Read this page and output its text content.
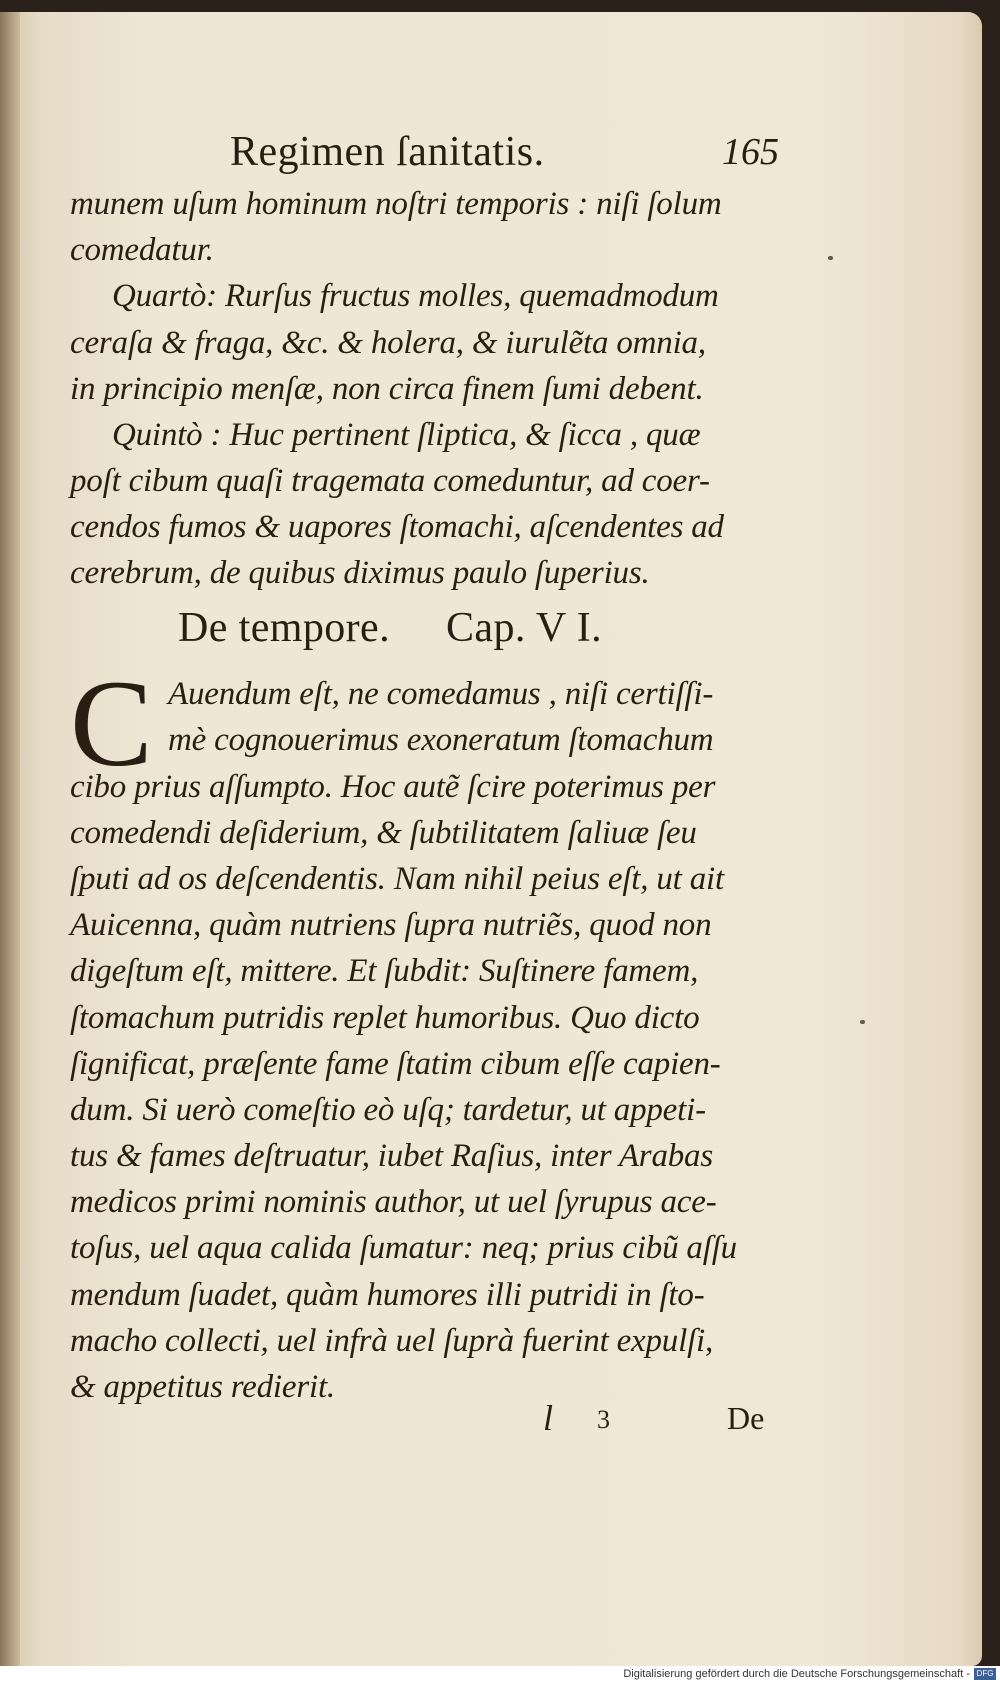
Regimen ſanitatis.	165
munem uſum hominum noſtri temporis : niſi ſolum
comedatur.
Quartò: Rurſus fructus molles, quemadmodum
ceraſa & fraga, &c. & holera, & iurulẽta omnia,
in principio menſæ, non circa finem ſumi debent.
Quintò : Huc pertinent ſliptica, & ſicca , quæ
poſt cibum quaſi tragemata comeduntur, ad coer-
cendos fumos & uapores ſtomachi, aſcendentes ad
cerebrum, de quibus diximus paulo ſuperius.
De tempore. Cap. V I.
C Auendum eſt, ne comedamus , niſi certiſſi-
mè cognouerimus exoneratum ſtomachum
cibo prius aſſumpto. Hoc autẽ ſcire poterimus per
comedendi deſiderium, & ſubtilitatem ſaliuæ ſeu
ſputi ad os deſcendentis. Nam nihil peius eſt, ut ait
Auicenna, quàm nutriens ſupra nutriẽs, quod non
digeſtum eſt, mittere. Et ſubdit: Suſtinere famem,
ſtomachum putridis replet humoribus. Quo dicto
ſignificat, præſente fame ſtatim cibum eſſe capien-
dum. Si uerò comeſtio eò uſq; tardetur, ut appeti-
tus & fames deſtruatur, iubet Raſius, inter Arabas
medicos primi nominis author, ut uel ſyrupus ace-
toſus, uel aqua calida ſumatur: neq; prius cibũ aſſu
mendum ſuadet, quàm humores illi putridi in ſto-
macho collecti, uel infrà uel ſuprà fuerint expulſi,
& appetitus redierit.
l 3	De
Digitalisierung gefördert durch die Deutsche Forschungsgemeinschaft - DFG
